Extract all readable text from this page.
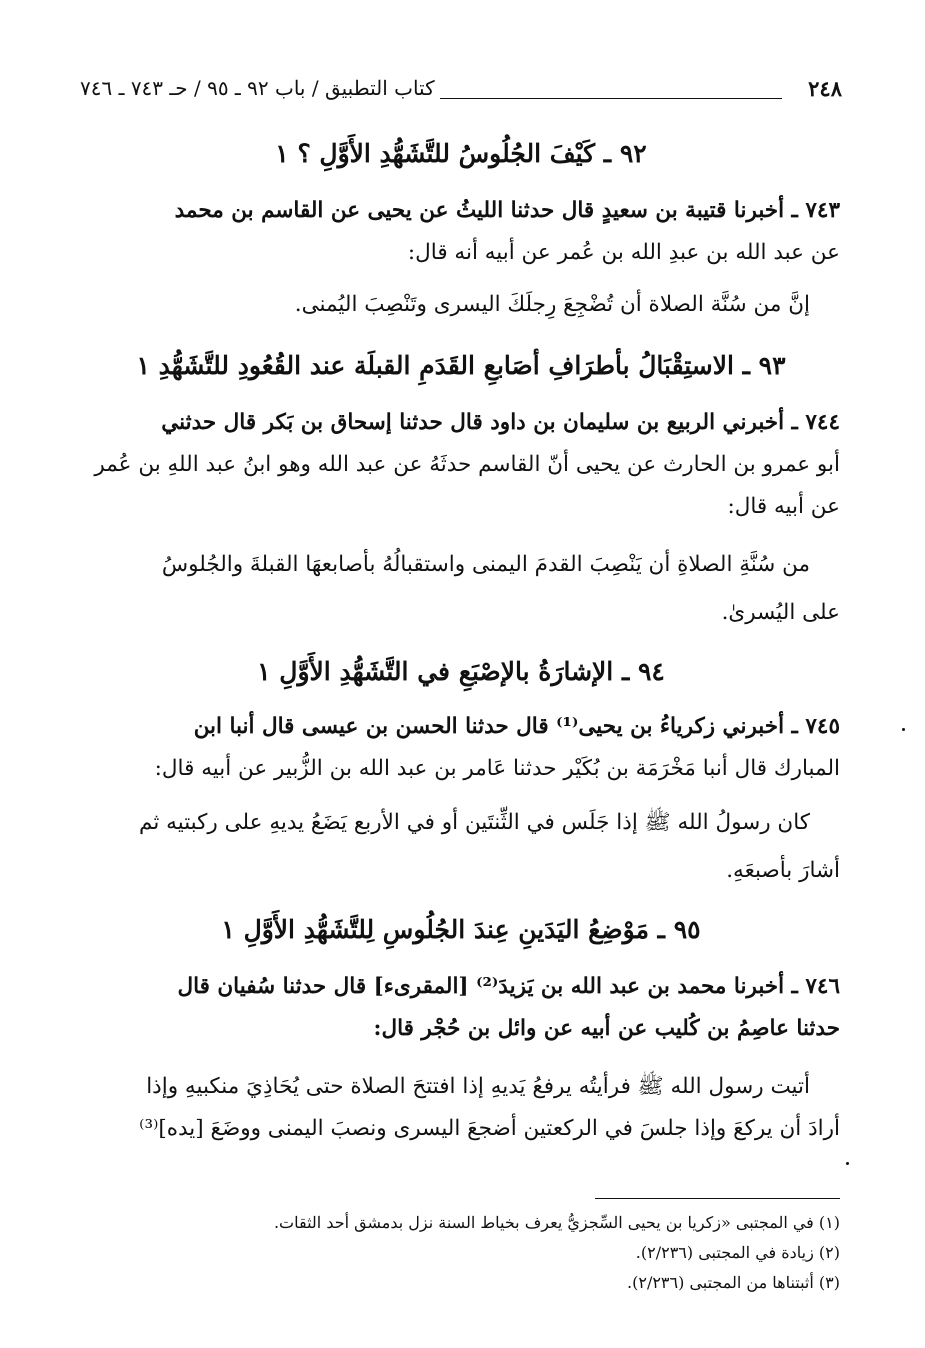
٢٤٨
كتاب التطبيق / باب ٩٢ ـ ٩٥ / حـ ٧٤٣ ـ ٧٤٦
٩٢ ـ كَيْفَ الجُلُوسُ للتَّشَهُّدِ الأَوَّلِ ؟ ١

٧٤٣ ـ أخبرنا قتيبة بن سعيدٍ قال حدثنا الليثُ عن يحيى عن القاسم بن محمد

عن عبد الله بن عبدِ الله بن عُمر عن أبيه أنه قال:

إنَّ من سُنَّة الصلاة أن تُضْجِعَ رِجلَكَ اليسرى وتَنْصِبَ اليُمنى.

٩٣ ـ الاستِقْبَالُ بأطرَافِ أصَابعِ القَدَمِ القبلَة عند القُعُودِ للتَّشَهُّدِ ١

٧٤٤ ـ أخبرني الربيع بن سليمان بن داود قال حدثنا إسحاق بن بَكر قال حدثني

أبو عمرو بن الحارث عن يحيى أنّ القاسم حدثَهُ عن عبد الله وهو ابنُ عبد اللهِ بن عُمر

عن أبيه قال:

من سُنَّةِ الصلاةِ أن يَنْصِبَ القدمَ اليمنى واستقبالُهُ بأصابعهَا القبلةَ والجُلوسُ

على اليُسرىٰ.

٩٤ ـ الإشارَةُ بالإصْبَعِ في التَّشَهُّدِ الأَوَّلِ ١

٧٤٥ ـ أخبرني زكرياءُ بن يحيى⁽¹⁾ قال حدثنا الحسن بن عيسى قال أنبا ابن

المبارك قال أنبا مَخْرَمَة بن بُكَيْر حدثنا عَامر بن عبد الله بن الزُّبير عن أبيه قال:

كان رسولُ الله ﷺ إذا جَلَس في الثِّنتَين أو في الأربع يَضَعُ يديهِ على ركبتيه ثم

أشارَ بأصبعَهِ.

٩٥ ـ مَوْضِعُ اليَدَينِ عِندَ الجُلُوسِ لِلتَّشَهُّدِ الأَوَّلِ ١

٧٤٦ ـ أخبرنا محمد بن عبد الله بن يَزيدَ⁽²⁾ [المقرىء] قال حدثنا سُفيان قال

حدثنا عاصِمُ بن كُليب عن أبيه عن وائل بن حُجْر قال:

أتيت رسول الله ﷺ فرأيتُه يرفعُ يَديهِ إذا افتتحَ الصلاة حتى يُحَاذِيَ منكبيهِ وإذا

أرادَ أن يركعَ وإذا جلسَ في الركعتين أضجعَ اليسرى ونصبَ اليمنى ووضَعَ [يده]⁽³⁾

(١) في المجتبى «زكريا بن يحيى السِّجزيُّ يعرف بخياط السنة نزل بدمشق أحد الثقات.

(٢) زيادة في المجتبى (٢/٢٣٦).

(٣) أثبتناها من المجتبى (٢/٢٣٦).
